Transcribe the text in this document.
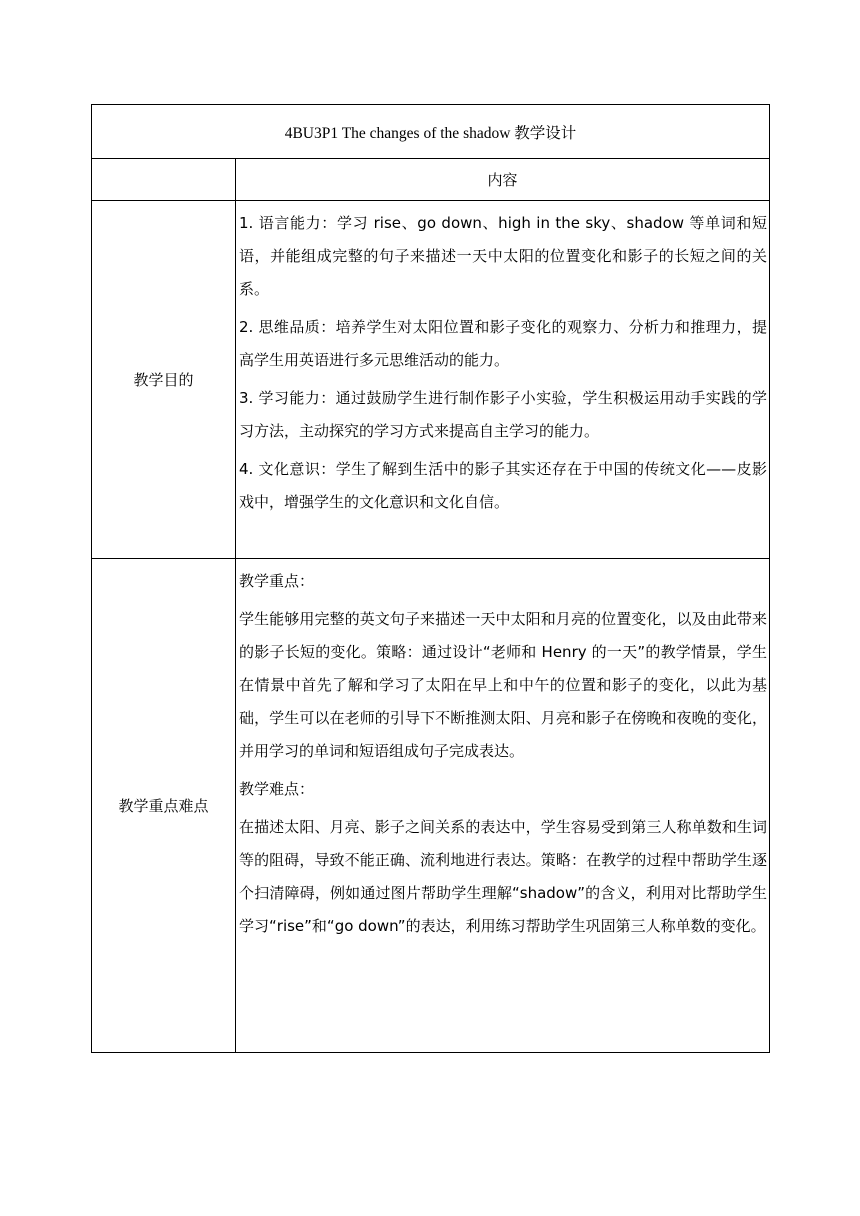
4BU3P1 The changes of the shadow 教学设计	
	内容
教学目的	1. 语言能力：学习 rise、go down、high in the sky、shadow 等单词和短语，并能组成完整的句子来描述一天中太阳的位置变化和影子的长短之间的关系。

2. 思维品质：培养学生对太阳位置和影子变化的观察力、分析力和推理力，提高学生用英语进行多元思维活动的能力。

3. 学习能力：通过鼓励学生进行制作影子小实验，学生积极运用动手实践的学习方法，主动探究的学习方式来提高自主学习的能力。

4. 文化意识：学生了解到生活中的影子其实还存在于中国的传统文化——皮影戏中，增强学生的文化意识和文化自信。

教学重点难点	教学重点：

学生能够用完整的英文句子来描述一天中太阳和月亮的位置变化，以及由此带来的影子长短的变化。策略：通过设计“老师和 Henry 的一天”的教学情景，学生在情景中首先了解和学习了太阳在早上和中午的位置和影子的变化，以此为基础，学生可以在老师的引导下不断推测太阳、月亮和影子在傍晚和夜晚的变化，并用学习的单词和短语组成句子完成表达。

教学难点：

在描述太阳、月亮、影子之间关系的表达中，学生容易受到第三人称单数和生词等的阻碍，导致不能正确、流利地进行表达。策略：在教学的过程中帮助学生逐个扫清障碍，例如通过图片帮助学生理解“shadow”的含义，利用对比帮助学生学习“rise”和“go down”的表达，利用练习帮助学生巩固第三人称单数的变化。
